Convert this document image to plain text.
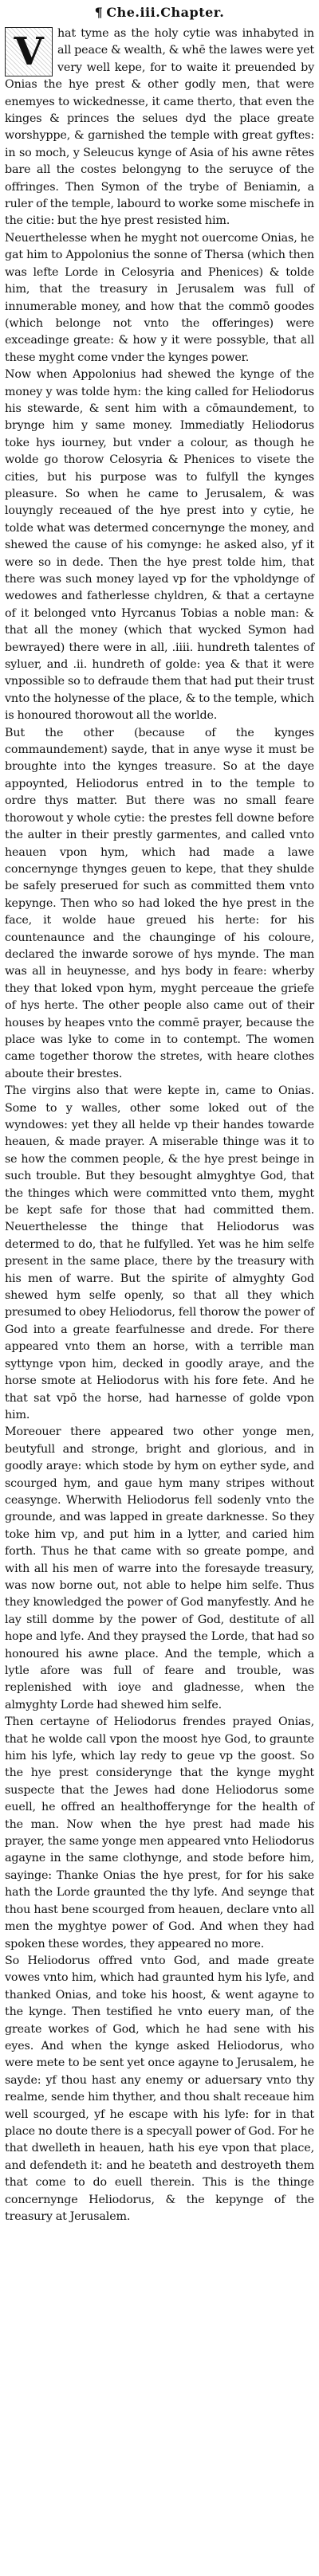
¶ Che.iii.Chapter.
V	hat tyme as the holy cytie was inhabyted in all peace & wealth, & whē the lawes were yet very well kepe, for to waite it preuended by Onias the hye prest & other godly men, that were enemyes to wickednesse, it came therto, that even the kinges & princes the selues dyd the place greate worshyppe, & garnished the temple with great gyftes: in so moch, y Seleucus kynge of Asia of his awne rētes bare all the costes belongyng to the seruyce of the offringes. Then Symon of the trybe of Beniamin, a ruler of the temple, labourd to worke some mischefe in the citie: but the hye prest resisted him.

Neuerthelesse when he myght not ouercome Onias, he gat him to Appolonius the sonne of Thersa (which then was lefte Lorde in Celosyria and Phenices) & tolde him, that the treasury in Jerusalem was full of innumerable money, and how that the commō goodes (which belonge not vnto the offeringes) were exceadinge greate: & how y it were possyble, that all these myght come vnder the kynges power.

Now when Appolonius had shewed the kynge of the money y was tolde hym: the king called for Heliodorus his stewarde, & sent him with a cōmaundement, to brynge him y same money. Immediatly Heliodorus toke hys iourney, but vnder a colour, as though he wolde go thorow Celosyria & Phenices to visete the cities, but his purpose was to fulfyll the kynges pleasure. So when he came to Jerusalem, & was louyngly receaued of the hye prest into y cytie, he tolde what was determed concernynge the money, and shewed the cause of his comynge: he asked also, yf it were so in dede. Then the hye prest tolde him, that there was such money layed vp for the vpholdynge of wedowes and fatherlesse chyldren, & that a certayne of it belonged vnto Hyrcanus Tobias a noble man: & that all the money (which that wycked Symon had bewrayed) there were in all, .iiii. hundreth talentes of syluer, and .ii. hundreth of golde: yea & that it were vnpossible so to defraude them that had put their trust vnto the holynesse of the place, & to the temple, which is honoured thorowout all the worlde.

But the other (because of the kynges commaundement) sayde, that in anye wyse it must be broughte into the kynges treasure. So at the daye appoynted, Heliodorus entred in to the temple to ordre thys matter. But there was no small feare thorowout y whole cytie: the prestes fell downe before the aulter in their prestly garmentes, and called vnto heauen vpon hym, which had made a lawe concernynge thynges geuen to kepe, that they shulde be safely preserued for such as committed them vnto kepynge. Then who so had loked the hye prest in the face, it wolde haue greued his herte: for his countenaunce and the chaunginge of his coloure, declared the inwarde sorowe of hys mynde. The man was all in heuynesse, and hys body in feare: wherby they that loked vpon hym, myght perceaue the griefe of hys herte. The other people also came out of their houses by heapes vnto the commē prayer, because the place was lyke to come in to contempt. The women came together thorow the stretes, with heare clothes aboute their brestes.

The virgins also that were kepte in, came to Onias. Some to y walles, other some loked out of the wyndowes: yet they all helde vp their handes towarde heauen, & made prayer. A miserable thinge was it to se how the commen people, & the hye prest beinge in such trouble. But they besought almyghtye God, that the thinges which were committed vnto them, myght be kept safe for those that had committed them. Neuerthelesse the thinge that Heliodorus was determed to do, that he fulfylled. Yet was he him selfe present in the same place, there by the treasury with his men of warre. But the spirite of almyghty God shewed hym selfe openly, so that all they which presumed to obey Heliodorus, fell thorow the power of God into a greate fearfulnesse and drede. For there appeared vnto them an horse, with a terrible man syttynge vpon him, decked in goodly araye, and the horse smote at Heliodorus with his fore fete. And he that sat vpō the horse, had harnesse of golde vpon him.

Moreouer there appeared two other yonge men, beutyfull and stronge, bright and glorious, and in goodly araye: which stode by hym on eyther syde, and scourged hym, and gaue hym many stripes without ceasynge. Wherwith Heliodorus fell sodenly vnto the grounde, and was lapped in greate darknesse. So they toke him vp, and put him in a lytter, and caried him forth. Thus he that came with so greate pompe, and with all his men of warre into the foresayde treasury, was now borne out, not able to helpe him selfe. Thus they knowledged the power of God manyfestly. And he lay still domme by the power of God, destitute of all hope and lyfe. And they praysed the Lorde, that had so honoured his awne place. And the temple, which a lytle afore was full of feare and trouble, was replenished with ioye and gladnesse, when the almyghty Lorde had shewed him selfe.

Then certayne of Heliodorus frendes prayed Onias, that he wolde call vpon the moost hye God, to graunte him his lyfe, which lay redy to geue vp the goost. So the hye prest considerynge that the kynge myght suspecte that the Jewes had done Heliodorus some euell, he offred an healthofferynge for the health of the man. Now when the hye prest had made his prayer, the same yonge men appeared vnto Heliodorus agayne in the same clothynge, and stode before him, sayinge: Thanke Onias the hye prest, for for his sake hath the Lorde graunted the thy lyfe. And seynge that thou hast bene scourged from heauen, declare vnto all men the myghtye power of God. And when they had spoken these wordes, they appeared no more.

So Heliodorus offred vnto God, and made greate vowes vnto him, which had graunted hym his lyfe, and thanked Onias, and toke his hoost, & went agayne to the kynge. Then testified he vnto euery man, of the greate workes of God, which he had sene with his eyes. And when the kynge asked Heliodorus, who were mete to be sent yet once agayne to Jerusalem, he sayde: yf thou hast any enemy or aduersary vnto thy realme, sende him thyther, and thou shalt receaue him well scourged, yf he escape with his lyfe: for in that place no doute there is a specyall power of God. For he that dwelleth in heauen, hath his eye vpon that place, and defendeth it: and he beateth and destroyeth them that come to do euell therein. This is the thinge concernynge Heliodorus, & the kepynge of the treasury at Jerusalem.
